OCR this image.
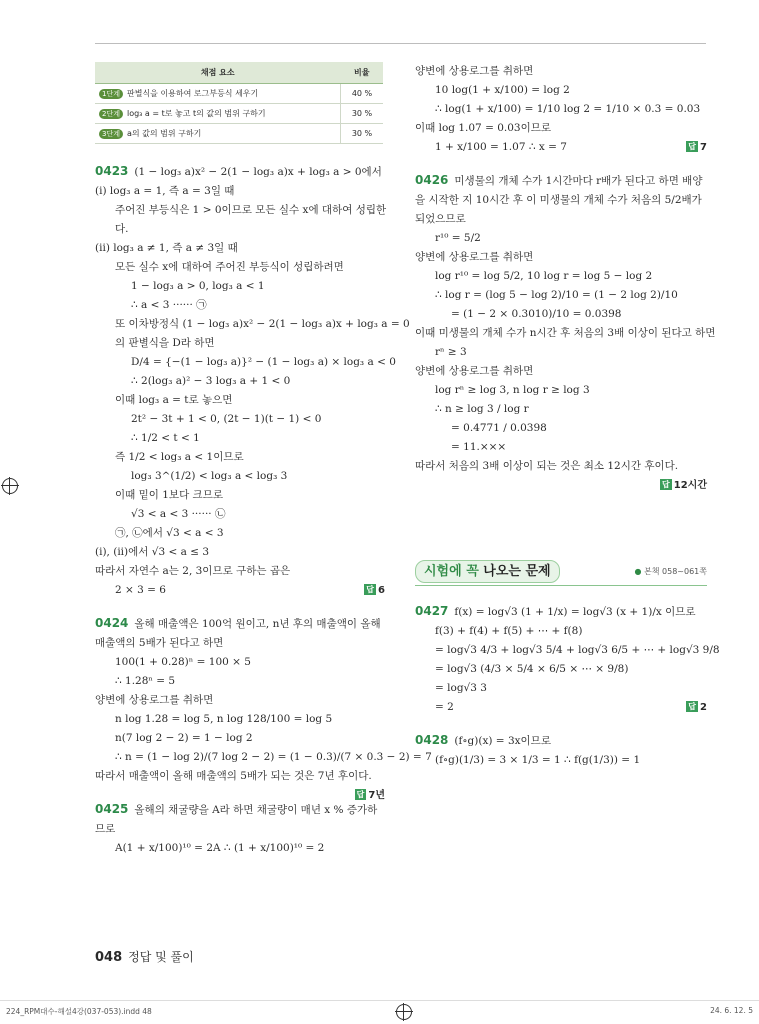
채점 요소	비율
1단계 판별식을 이용하여 로그부등식 세우기	40 %
2단계 log₃ a = t로 놓고 t의 값의 범위 구하기	30 %
3단계 a의 값의 범위 구하기	30 %
0423 (1 − log₃ a)x² − 2(1 − log₃ a)x + log₃ a > 0에서
(i) log₃ a = 1, 즉 a = 3일 때
주어진 부등식은 1 > 0이므로 모든 실수 x에 대하여 성립한
다.
(ii) log₃ a ≠ 1, 즉 a ≠ 3일 때
모든 실수 x에 대하여 주어진 부등식이 성립하려면
1 − log₃ a > 0, log₃ a < 1
∴ a < 3 ······ ㉠
또 이차방정식 (1 − log₃ a)x² − 2(1 − log₃ a)x + log₃ a = 0
의 판별식을 D라 하면
D/4 = {−(1 − log₃ a)}² − (1 − log₃ a) × log₃ a < 0
∴ 2(log₃ a)² − 3 log₃ a + 1 < 0
이때 log₃ a = t로 놓으면
2t² − 3t + 1 < 0, (2t − 1)(t − 1) < 0
∴ 1/2 < t < 1
즉 1/2 < log₃ a < 1이므로
log₃ 3^(1/2) < log₃ a < log₃ 3
이때 밑이 1보다 크므로
√3 < a < 3 ······ ㉡
㉠, ㉡에서 √3 < a < 3
(i), (ii)에서 √3 < a ≤ 3
따라서 자연수 a는 2, 3이므로 구하는 곱은
2 × 3 = 6	답 6
0424 올해 매출액은 100억 원이고, n년 후의 매출액이 올해
매출액의 5배가 된다고 하면
100(1 + 0.28)ⁿ = 100 × 5
∴ 1.28ⁿ = 5
양변에 상용로그를 취하면
n log 1.28 = log 5, n log 128/100 = log 5
n(7 log 2 − 2) = 1 − log 2
∴ n = (1 − log 2)/(7 log 2 − 2) = (1 − 0.3)/(7 × 0.3 − 2) = 7
따라서 매출액이 올해 매출액의 5배가 되는 것은 7년 후이다.
답 7년
0425 올해의 채굴량을 A라 하면 채굴량이 매년 x % 증가하
므로
A(1 + x/100)¹⁰ = 2A ∴ (1 + x/100)¹⁰ = 2
양변에 상용로그를 취하면
10 log(1 + x/100) = log 2
∴ log(1 + x/100) = 1/10 log 2 = 1/10 × 0.3 = 0.03
이때 log 1.07 = 0.03이므로
1 + x/100 = 1.07 ∴ x = 7	답 7
0426 미생물의 개체 수가 1시간마다 r배가 된다고 하면 배양
을 시작한 지 10시간 후 이 미생물의 개체 수가 처음의 5/2배가
되었으므로
r¹⁰ = 5/2
양변에 상용로그를 취하면
log r¹⁰ = log 5/2, 10 log r = log 5 − log 2
∴ log r = (log 5 − log 2)/10 = (1 − 2 log 2)/10
= (1 − 2 × 0.3010)/10 = 0.0398
이때 미생물의 개체 수가 n시간 후 처음의 3배 이상이 된다고 하면
rⁿ ≥ 3
양변에 상용로그를 취하면
log rⁿ ≥ log 3, n log r ≥ log 3
∴ n ≥ log 3 / log r
= 0.4771 / 0.0398
= 11.×××
따라서 처음의 3배 이상이 되는 것은 최소 12시간 후이다.
답 12시간
시험에 꼭 나오는 문제	● 본책 058~061쪽
0427 f(x) = log√3 (1 + 1/x) = log√3 (x + 1)/x 이므로
f(3) + f(4) + f(5) + ⋯ + f(8)
= log√3 4/3 + log√3 5/4 + log√3 6/5 + ⋯ + log√3 9/8
= log√3 (4/3 × 5/4 × 6/5 × ⋯ × 9/8)
= log√3 3
= 2	답 2
0428 (f∘g)(x) = 3x이므로
(f∘g)(1/3) = 3 × 1/3 = 1 ∴ f(g(1/3)) = 1
048 정답 및 풀이
224_RPM대수-해설4강(037-053).indd 48	24. 6. 12. 5
